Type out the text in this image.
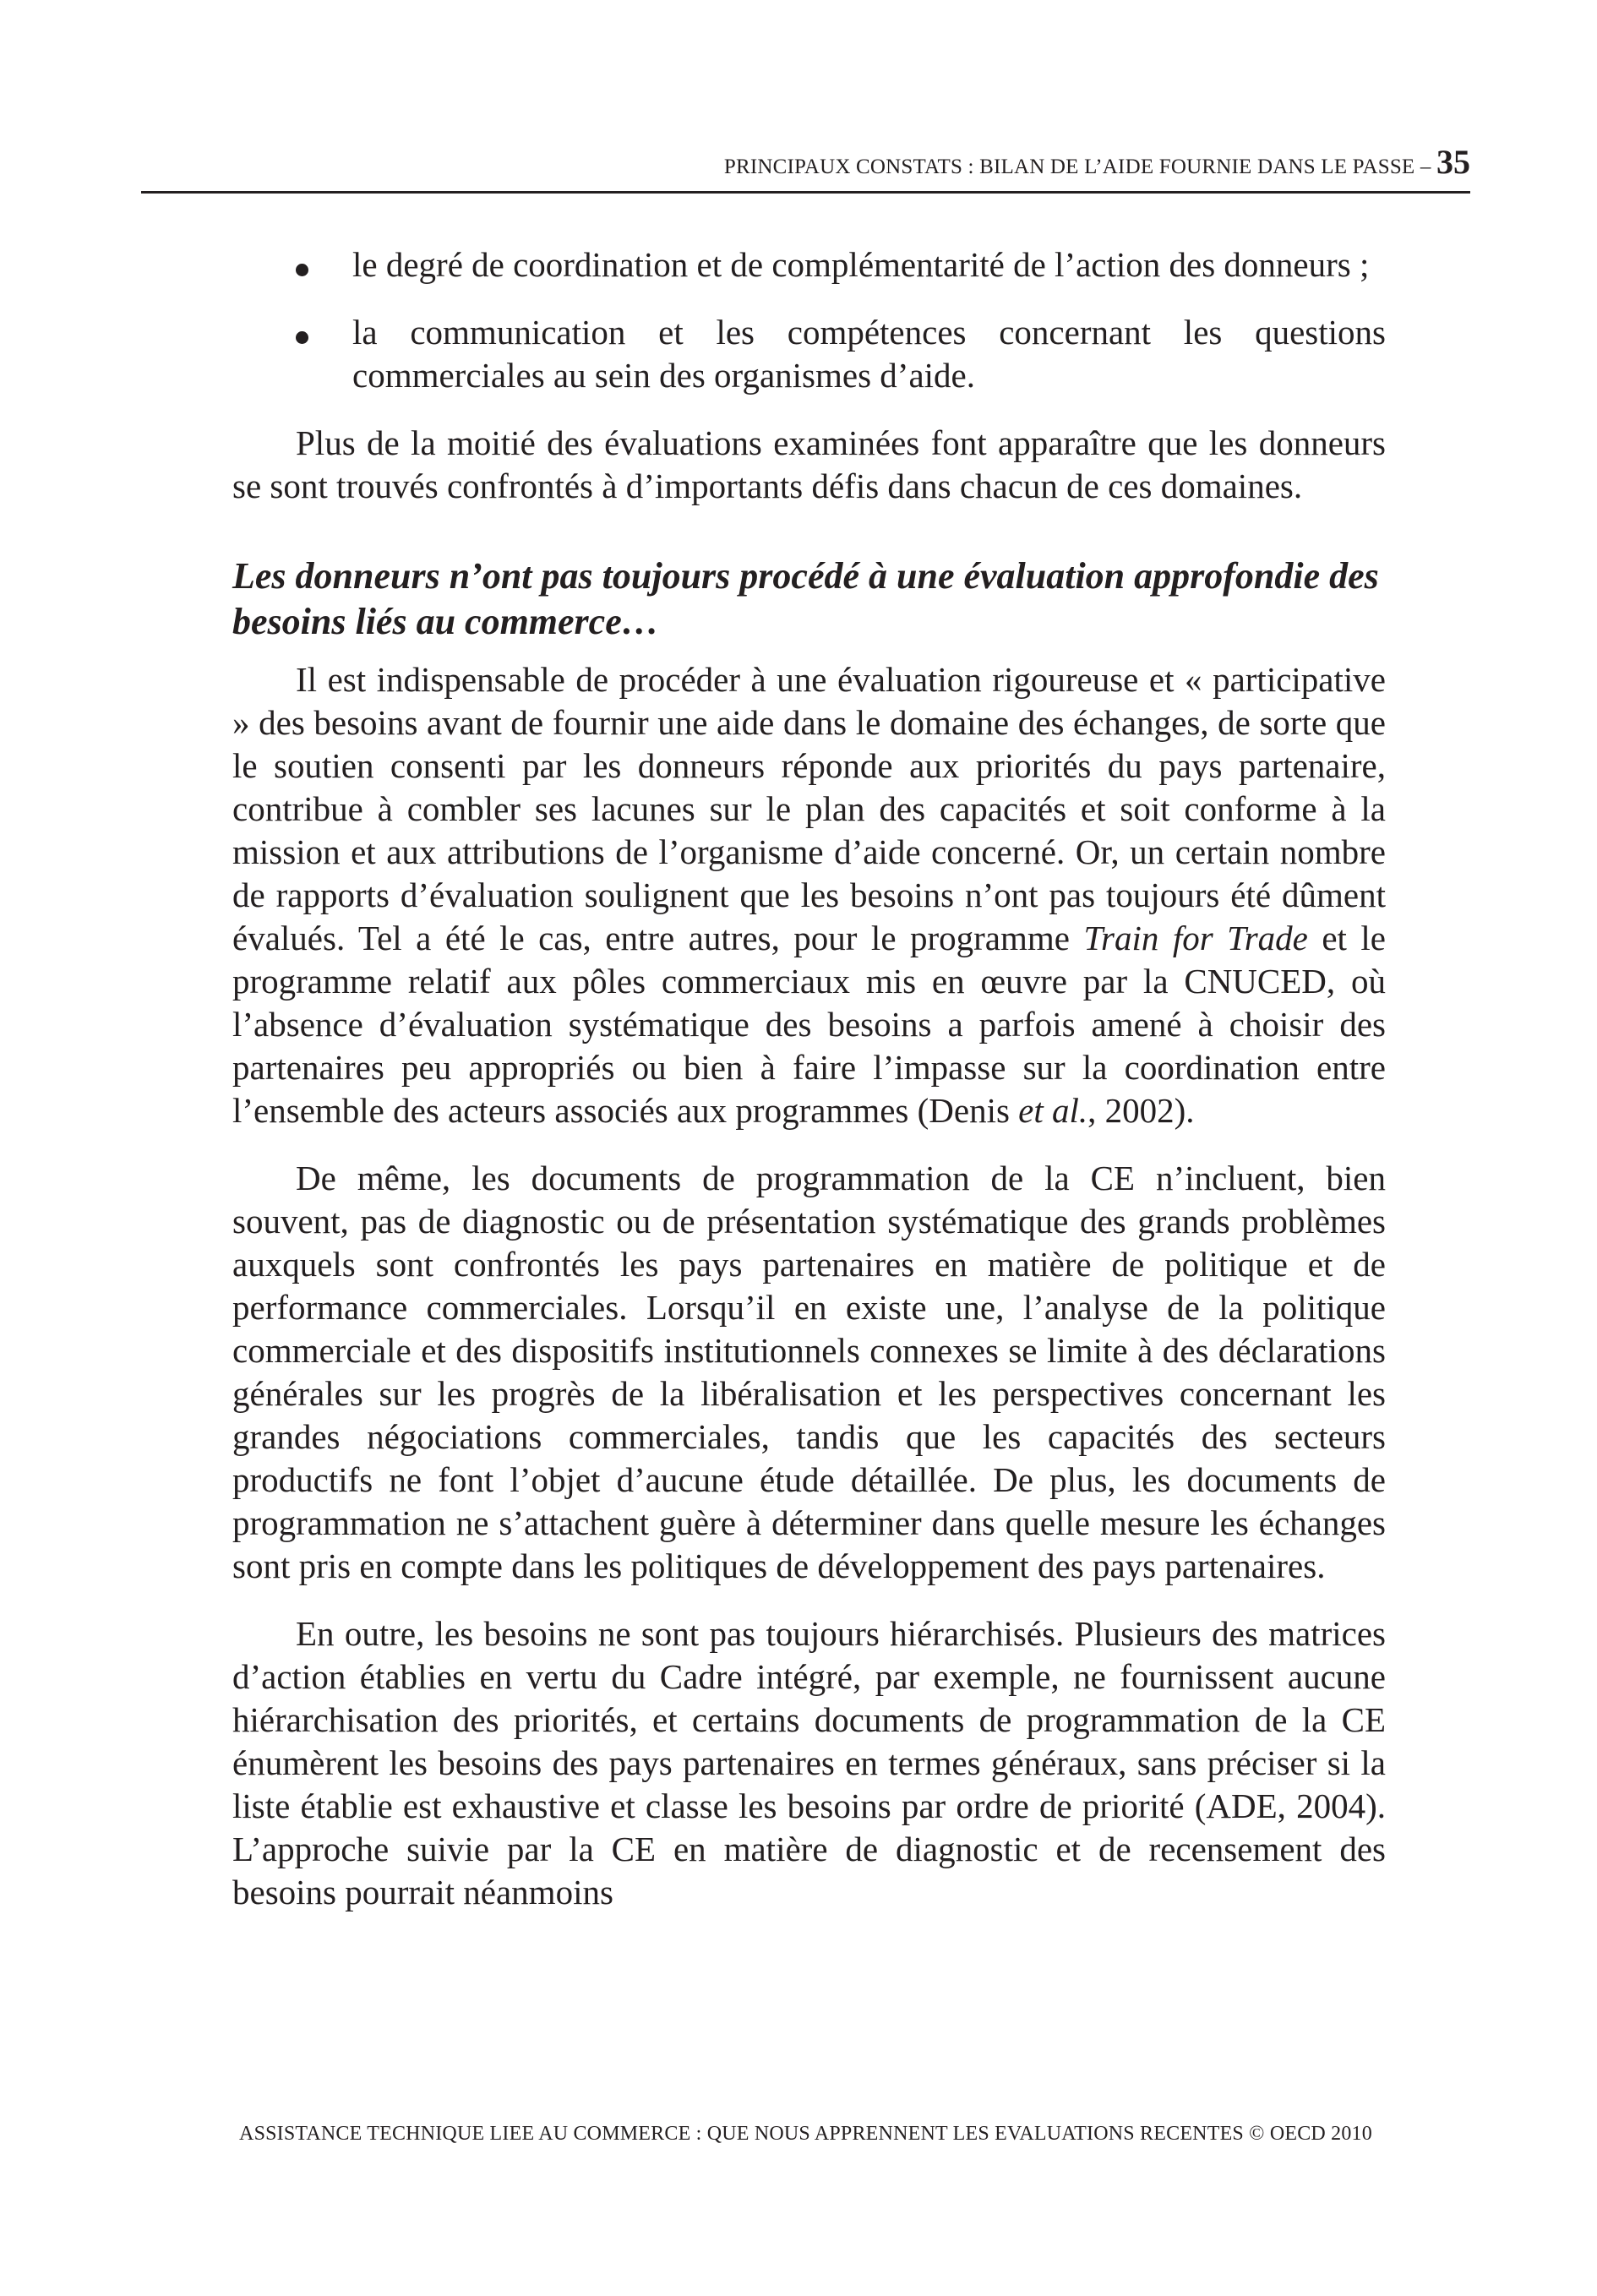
PRINCIPAUX CONSTATS : BILAN DE L’AIDE FOURNIE DANS LE PASSE – 35
le degré de coordination et de complémentarité de l’action des donneurs ;
la communication et les compétences concernant les questions commerciales au sein des organismes d’aide.

Plus de la moitié des évaluations examinées font apparaître que les donneurs se sont trouvés confrontés à d’importants défis dans chacun de ces domaines.

Les donneurs n’ont pas toujours procédé à une évaluation approfondie des besoins liés au commerce…

Il est indispensable de procéder à une évaluation rigoureuse et « participative » des besoins avant de fournir une aide dans le domaine des échanges, de sorte que le soutien consenti par les donneurs réponde aux priorités du pays partenaire, contribue à combler ses lacunes sur le plan des capacités et soit conforme à la mission et aux attributions de l’organisme d’aide concerné. Or, un certain nombre de rapports d’évaluation soulignent que les besoins n’ont pas toujours été dûment évalués. Tel a été le cas, entre autres, pour le programme Train for Trade et le programme relatif aux pôles commerciaux mis en œuvre par la CNUCED, où l’absence d’évaluation systématique des besoins a parfois amené à choisir des partenaires peu appropriés ou bien à faire l’impasse sur la coordination entre l’ensemble des acteurs associés aux programmes (Denis et al., 2002).

De même, les documents de programmation de la CE n’incluent, bien souvent, pas de diagnostic ou de présentation systématique des grands problèmes auxquels sont confrontés les pays partenaires en matière de politique et de performance commerciales. Lorsqu’il en existe une, l’analyse de la politique commerciale et des dispositifs institutionnels connexes se limite à des déclarations générales sur les progrès de la libéralisation et les perspectives concernant les grandes négociations commerciales, tandis que les capacités des secteurs productifs ne font l’objet d’aucune étude détaillée. De plus, les documents de programmation ne s’attachent guère à déterminer dans quelle mesure les échanges sont pris en compte dans les politiques de développement des pays partenaires.

En outre, les besoins ne sont pas toujours hiérarchisés. Plusieurs des matrices d’action établies en vertu du Cadre intégré, par exemple, ne fournissent aucune hiérarchisation des priorités, et certains documents de programmation de la CE énumèrent les besoins des pays partenaires en termes généraux, sans préciser si la liste établie est exhaustive et classe les besoins par ordre de priorité (ADE, 2004). L’approche suivie par la CE en matière de diagnostic et de recensement des besoins pourrait néanmoins

ASSISTANCE TECHNIQUE LIEE AU COMMERCE : QUE NOUS APPRENNENT LES EVALUATIONS RECENTES © OECD 2010
